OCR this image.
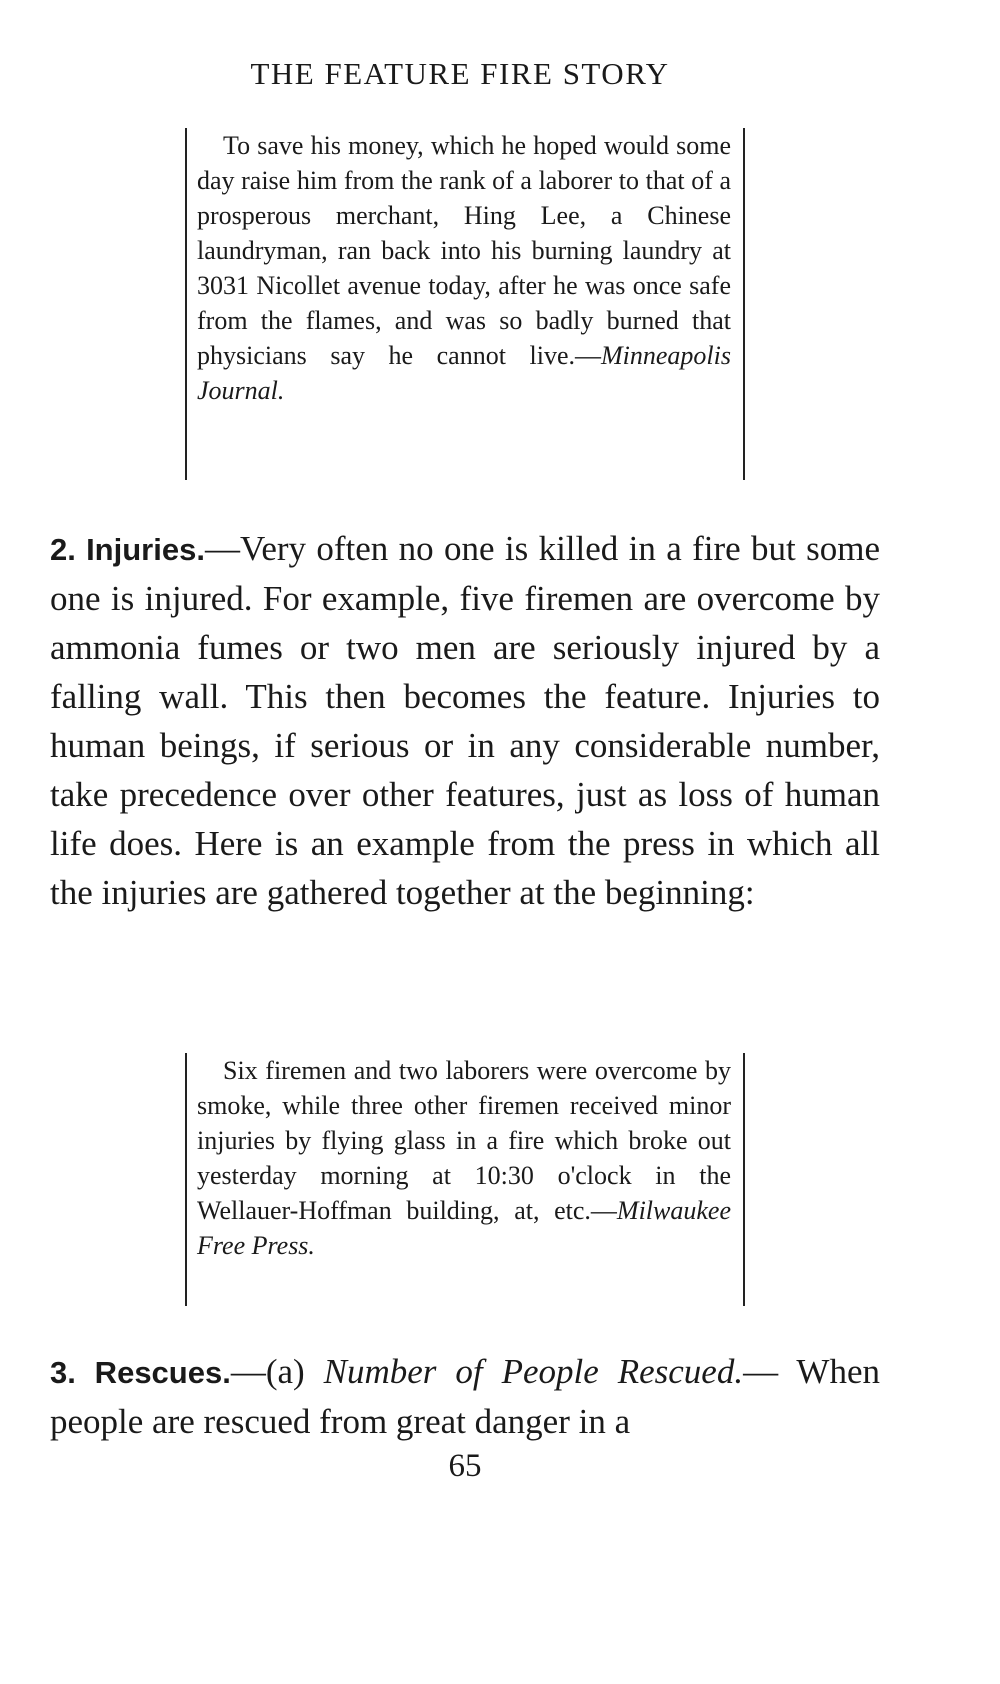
THE FEATURE FIRE STORY

To save his money, which he hoped would some day raise him from the rank of a laborer to that of a prosperous merchant, Hing Lee, a Chinese laundryman, ran back into his burning laundry at 3031 Nicollet avenue today, after he was once safe from the flames, and was so badly burned that physicians say he cannot live.—Minneapolis Journal.

2. Injuries.—Very often no one is killed in a fire but some one is injured. For example, five firemen are overcome by ammonia fumes or two men are seriously injured by a falling wall. This then becomes the feature. Injuries to human beings, if serious or in any considerable number, take precedence over other features, just as loss of human life does. Here is an example from the press in which all the injuries are gathered together at the beginning:

Six firemen and two laborers were overcome by smoke, while three other firemen received minor injuries by flying glass in a fire which broke out yesterday morning at 10:30 o'clock in the Wellauer-Hoffman building, at, etc.—Milwaukee Free Press.

3. Rescues.—(a) Number of People Rescued.— When people are rescued from great danger in a

65
